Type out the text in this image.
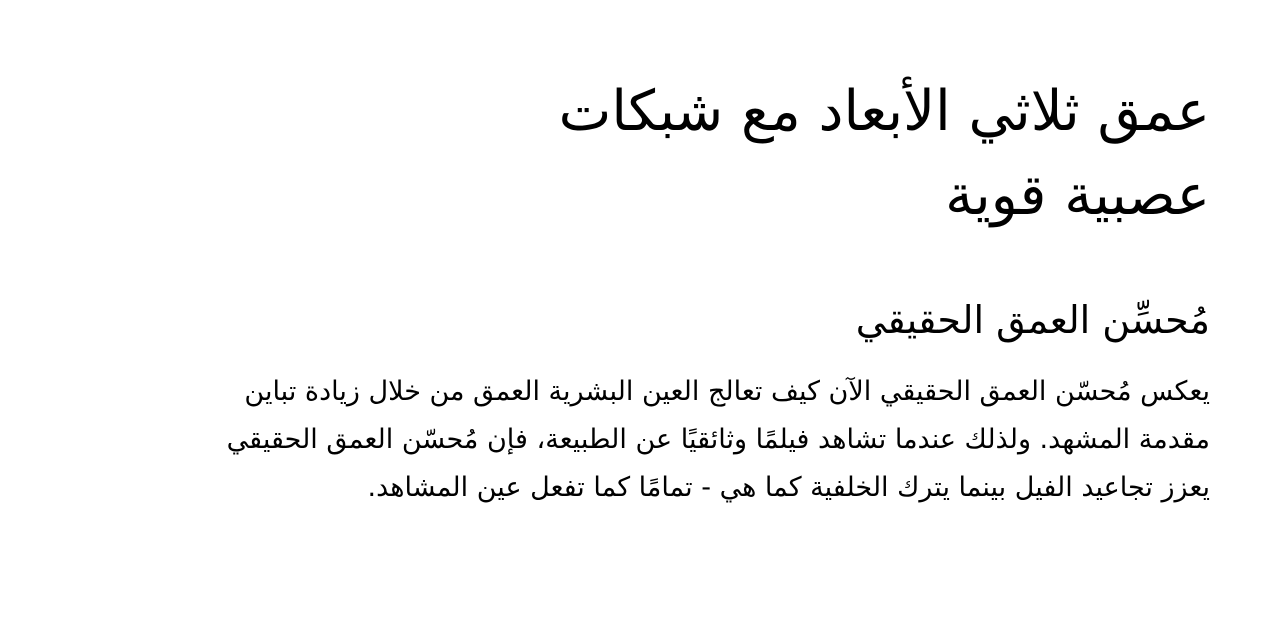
عمق ثلاثي الأبعاد مع شبكات عصبية قوية
مُحسِّن العمق الحقيقي

يعكس مُحسّن العمق الحقيقي الآن كيف تعالج العين البشرية العمق من خلال زيادة تباين مقدمة المشهد. ولذلك عندما تشاهد فيلمًا وثائقيًا عن الطبيعة، فإن مُحسّن العمق الحقيقي يعزز تجاعيد الفيل بينما يترك الخلفية كما هي - تمامًا كما تفعل عين المشاهد.
